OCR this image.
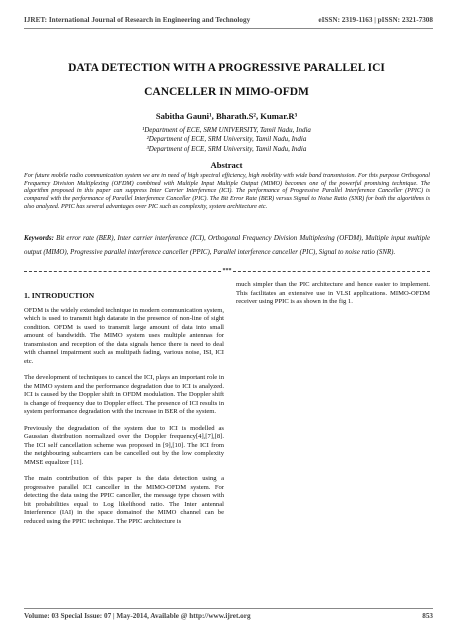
IJRET: International Journal of Research in Engineering and Technology	eISSN: 2319-1163 | pISSN: 2321-7308
DATA DETECTION WITH A PROGRESSIVE PARALLEL ICI
CANCELLER IN MIMO-OFDM
Sabitha Gauni¹, Bharath.S², Kumar.R³
¹Department of ECE, SRM UNIVERSITY, Tamil Nadu, India
²Department of ECE, SRM University, Tamil Nadu, India
³Department of ECE, SRM University, Tamil Nadu, India
Abstract
For future mobile radio communication system we are in need of high spectral efficiency, high mobility with wide band transmission. For this purpose Orthogonal Frequency Division Multiplexing (OFDM) combined with Multiple Input Multiple Output (MIMO) becomes one of the powerful promising technique. The algorithm proposed in this paper can suppress Inter Carrier Interference (ICI). The performance of Progressive Parallel Interference Canceller (PPIC) is compared with the performance of Parallel Interference Canceller (PIC). The Bit Error Rate (BER) versus Signal to Noise Ratio (SNR) for both the algorithms is also analyzed. PPIC has several advantages over PIC such as complexity, system architecture etc.
Keywords: Bit error rate (BER), Inter carrier interference (ICI), Orthogonal Frequency Division Multiplexing (OFDM), Multiple input multiple output (MIMO), Progressive parallel interference canceller (PPIC), Parallel interference canceller (PIC), Signal to noise ratio (SNR).
***
1. INTRODUCTION

OFDM is the widely extended technique in modern communication system, which is used to transmit high datarate in the presence of non-line of sight condition. OFDM is used to transmit large amount of data into small amount of bandwidth. The MIMO system uses multiple antennas for transmission and reception of the data signals hence there is need to deal with channel impairment such as multipath fading, various noise, ISI, ICI etc.

The development of techniques to cancel the ICI, plays an important role in the MIMO system and the performance degradation due to ICI is analyzed. ICI is caused by the Doppler shift in OFDM modulation. The Doppler shift is change of frequency due to Doppler effect. The presence of ICI results in system performance degradation with the increase in BER of the system.

Previously the degradation of the system due to ICI is modelled as Gaussian distribution normalized over the Doppler frequency[4],[7],[8]. The ICI self cancellation scheme was proposed in [9],[10]. The ICI from the neighbouring subcarriers can be cancelled out by the low complexity MMSE equalizer [11].

The main contribution of this paper is the data detection using a progressive parallel ICI canceller in the MIMO-OFDM system. For detecting the data using the PPIC canceller, the message type chosen with bit probabilities equal to Log likelihood ratio. The Inter antennal Interference (IAI) in the space domainof the MIMO channel can be reduced using the PPIC technique. The PPIC architecture is

much simpler than the PIC architecture and hence easier to implement. This facilitates an extensive use in VLSI applications. MIMO-OFDM receiver using PPIC is as shown in the fig 1.

Volume: 03 Special Issue: 07 | May-2014, Available @ http://www.ijret.org	853
